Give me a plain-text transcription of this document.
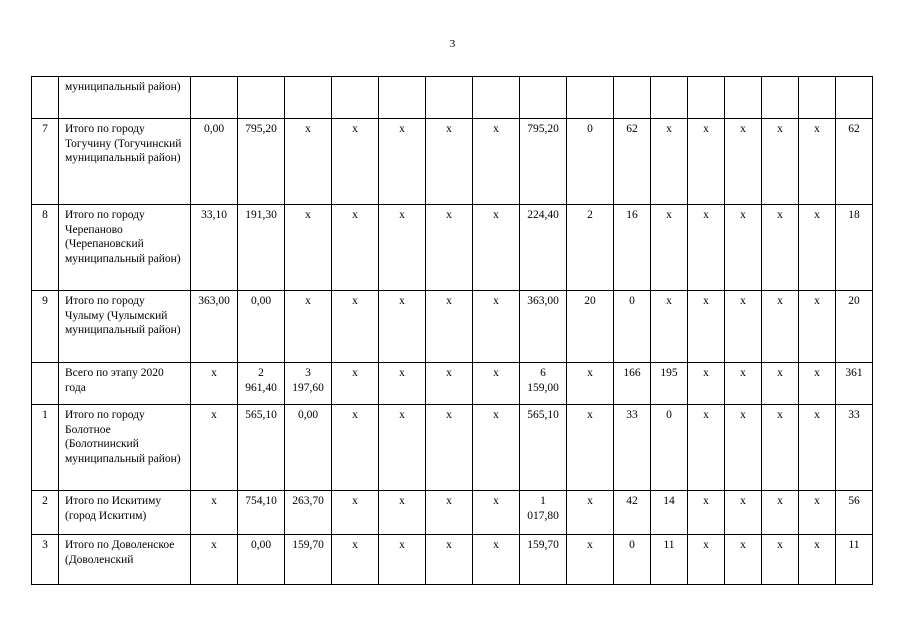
3
	муниципальный район)																
7	Итого по городу Тогучину (Тогучинский муниципальный район)	0,00	795,20	х	х	х	х	х	795,20	0	62	х	х	х	х	х	62
8	Итого по городу Черепаново (Черепановский муниципальный район)	33,10	191,30	х	х	х	х	х	224,40	2	16	х	х	х	х	х	18
9	Итого по городу Чулыму (Чулымский муниципальный район)	363,00	0,00	х	х	х	х	х	363,00	20	0	х	х	х	х	х	20
	Всего по этапу 2020 года	х	2 961,40	3 197,60	х	х	х	х	6 159,00	х	166	195	х	х	х	х	361
1	Итого по городу Болотное (Болотнинский муниципальный район)	х	565,10	0,00	х	х	х	х	565,10	х	33	0	х	х	х	х	33
2	Итого по Искитиму (город Искитим)	х	754,10	263,70	х	х	х	х	1 017,80	х	42	14	х	х	х	х	56
3	Итого по Доволенское (Доволенский	х	0,00	159,70	х	х	х	х	159,70	х	0	11	х	х	х	х	11
